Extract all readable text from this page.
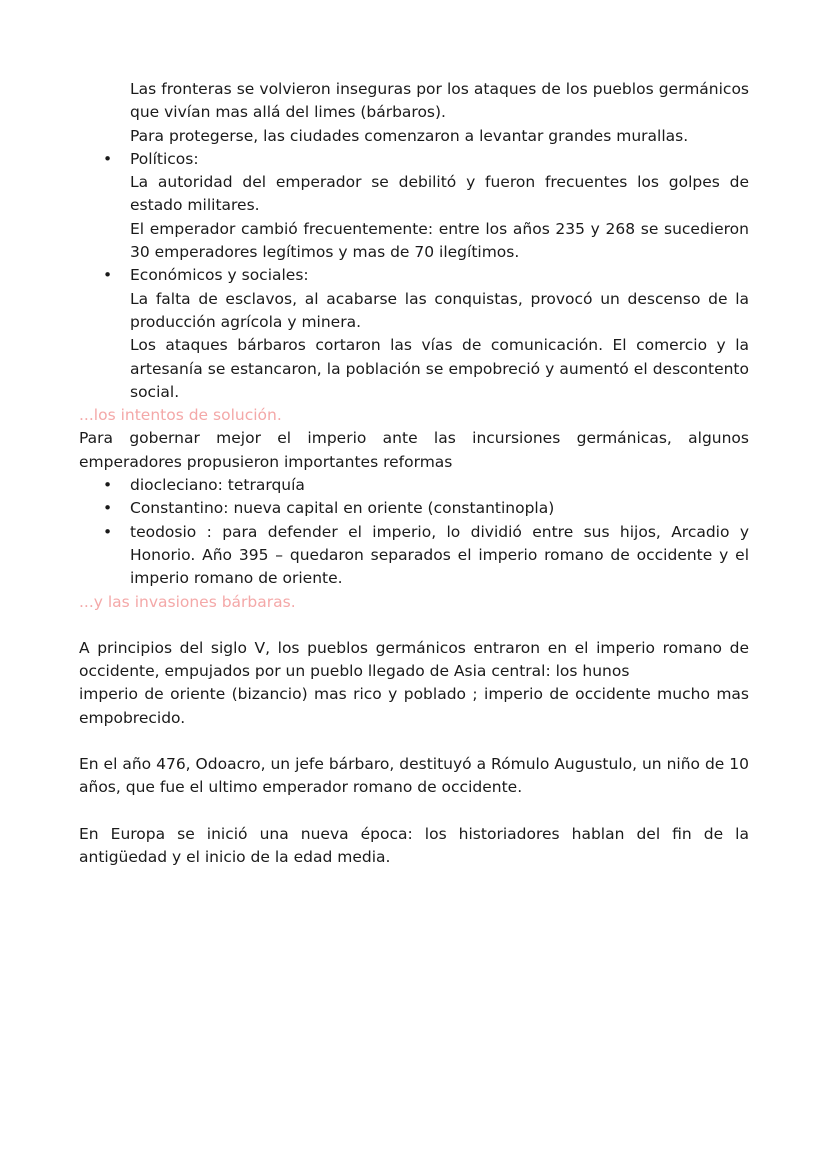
Las fronteras se volvieron inseguras por los ataques de los pueblos germánicos que vivían mas allá del limes (bárbaros).

Para protegerse, las ciudades comenzaron a levantar grandes murallas.

• Políticos:

La autoridad del emperador se debilitó y fueron frecuentes los golpes de estado militares.

El emperador cambió frecuentemente: entre los años 235 y 268 se sucedieron 30 emperadores legítimos y mas de 70 ilegítimos.

• Económicos y sociales:

La falta de esclavos, al acabarse las conquistas, provocó un descenso de la producción agrícola y minera.

Los ataques bárbaros cortaron las vías de comunicación. El comercio y la artesanía se estancaron, la población se empobreció y aumentó el descontento social.

...los intentos de solución.

Para gobernar mejor el imperio ante las incursiones germánicas, algunos emperadores propusieron importantes reformas

• diocleciano: tetrarquía

• Constantino: nueva capital en oriente (constantinopla)

• teodosio : para defender el imperio, lo dividió entre sus hijos, Arcadio y Honorio. Año 395 – quedaron separados el imperio romano de occidente y el imperio romano de oriente.

...y las invasiones bárbaras.

A principios del siglo V, los pueblos germánicos entraron en el imperio romano de occidente, empujados por un pueblo llegado de Asia central: los hunos

imperio de oriente (bizancio) mas rico y poblado ; imperio de occidente mucho mas empobrecido.

En el año 476, Odoacro, un jefe bárbaro, destituyó a Rómulo Augustulo, un niño de 10 años, que fue el ultimo emperador romano de occidente.

En Europa se inició una nueva época: los historiadores hablan del fin de la antigüedad y el inicio de la edad media.
